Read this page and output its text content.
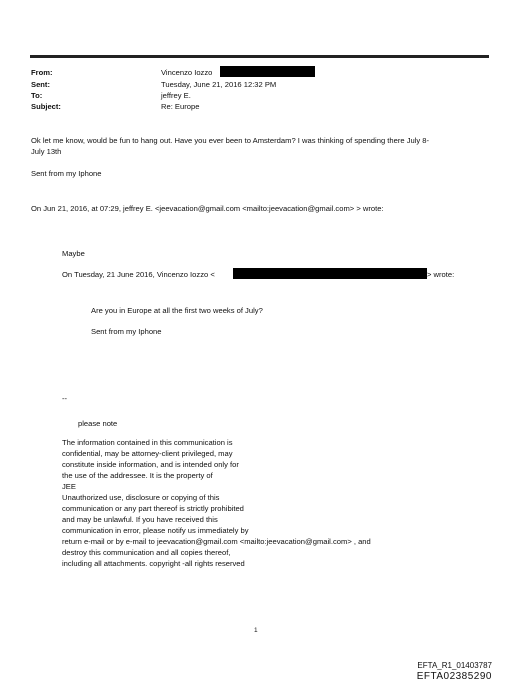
From:
Sent:
To:
Subject:
Vincenzo Iozzo
Tuesday, June 21, 2016 12:32 PM
jeffrey E.
Re: Europe
Ok let me know, would be fun to hang out. Have you ever been to Amsterdam? I was thinking of spending there July 8-
July 13th
Sent from my Iphone
On Jun 21, 2016, at 07:29, jeffrey E. <jeevacation@gmail.com <mailto:jeevacation@gmail.com> > wrote:
Maybe
On Tuesday, 21 June 2016, Vincenzo Iozzo <	> wrote:
Are you in Europe at all the first two weeks of July?
Sent from my Iphone
--
please note
The information contained in this communication is
confidential, may be attorney-client privileged, may
constitute inside information, and is intended only for
the use of the addressee. It is the property of
JEE
Unauthorized use, disclosure or copying of this
communication or any part thereof is strictly prohibited
and may be unlawful. If you have received this
communication in error, please notify us immediately by
return e-mail or by e-mail to jeevacation@gmail.com <mailto:jeevacation@gmail.com> , and
destroy this communication and all copies thereof,
including all attachments. copyright -all rights reserved
1
EFTA_R1_01403787
EFTA02385290
